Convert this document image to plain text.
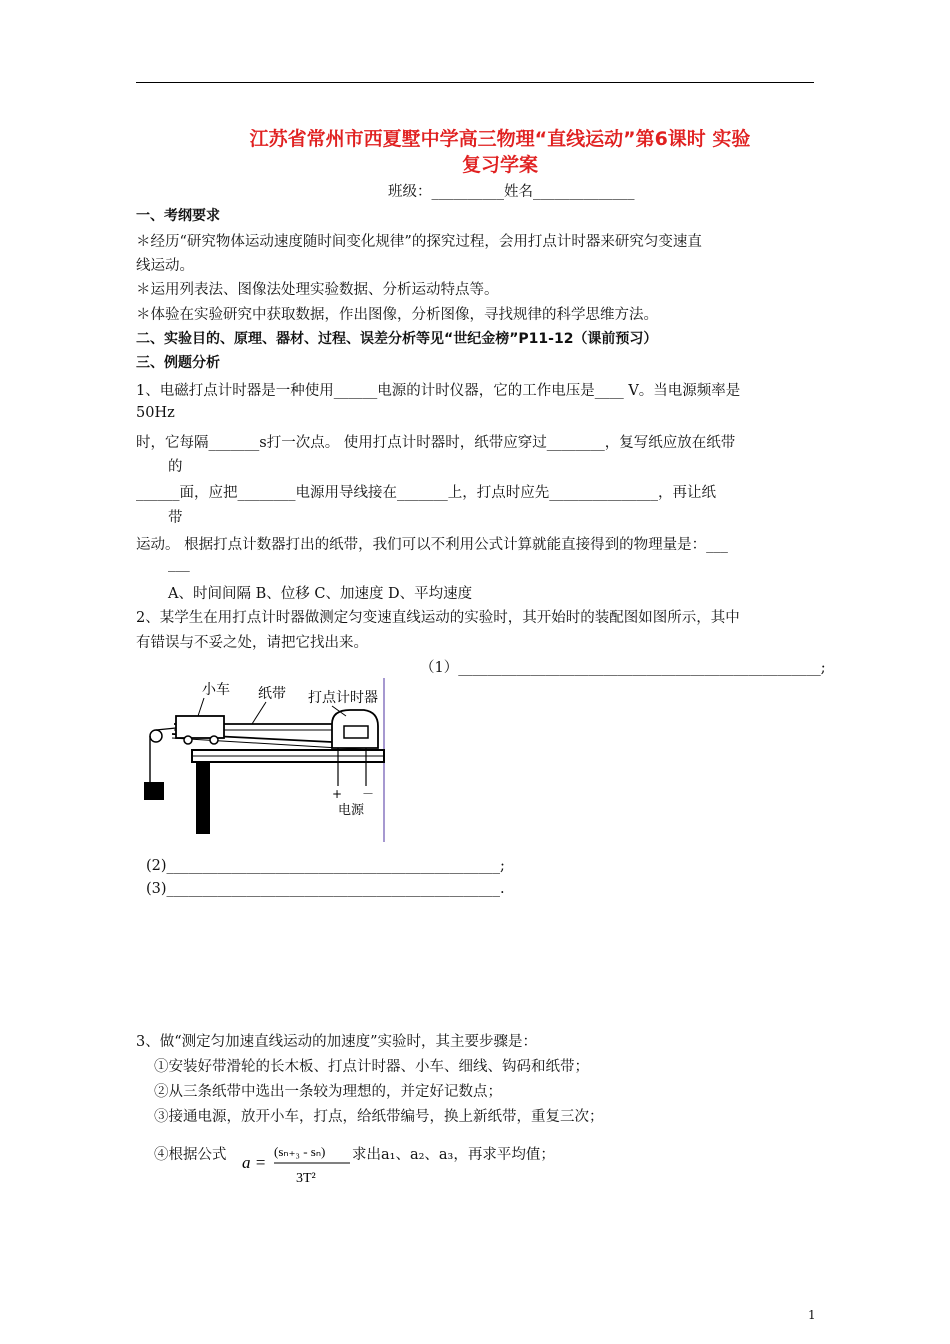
江苏省常州市西夏墅中学高三物理“直线运动”第6课时 实验
复习学案
班级：__________姓名______________
一、考纲要求
＊经历“研究物体运动速度随时间变化规律”的探究过程，会用打点计时器来研究匀变速直
线运动。
＊运用列表法、图像法处理实验数据、分析运动特点等。
＊体验在实验研究中获取数据，作出图像，分析图像，寻找规律的科学思维方法。
二、实验目的、原理、器材、过程、误差分析等见“世纪金榜”P11-12（课前预习）
三、例题分析
1、电磁打点计时器是一种使用______电源的计时仪器，它的工作电压是____ V。当电源频率是
50Hz
时，它每隔_______s打一次点。 使用打点计时器时，纸带应穿过________，复写纸应放在纸带
的
______面，应把________电源用导线接在_______上，打点时应先_______________，再让纸
带
运动。 根据打点计数器打出的纸带，我们可以不利用公式计算就能直接得到的物理量是：___
___
A、时间间隔 B、位移 C、加速度 D、平均速度
2、某学生在用打点计时器做测定匀变速直线运动的实验时，其开始时的装配图如图所示，其中
有错误与不妥之处，请把它找出来。
（1）__________________________________________________;
小车 纸带 打点计时器
+ －
电源
(2)______________________________________________;
(3)______________________________________________.
3、做“测定匀加速直线运动的加速度”实验时，其主要步骤是：
①安装好带滑轮的长木板、打点计时器、小车、细线、钩码和纸带；
②从三条纸带中选出一条较为理想的，并定好记数点；
③接通电源，放开小车，打点，给纸带编号，换上新纸带，重复三次；
④根据公式 a =
(sₙ₊₃ - sₙ)
3T²
求出a₁、a₂、a₃，再求平均值；
1
